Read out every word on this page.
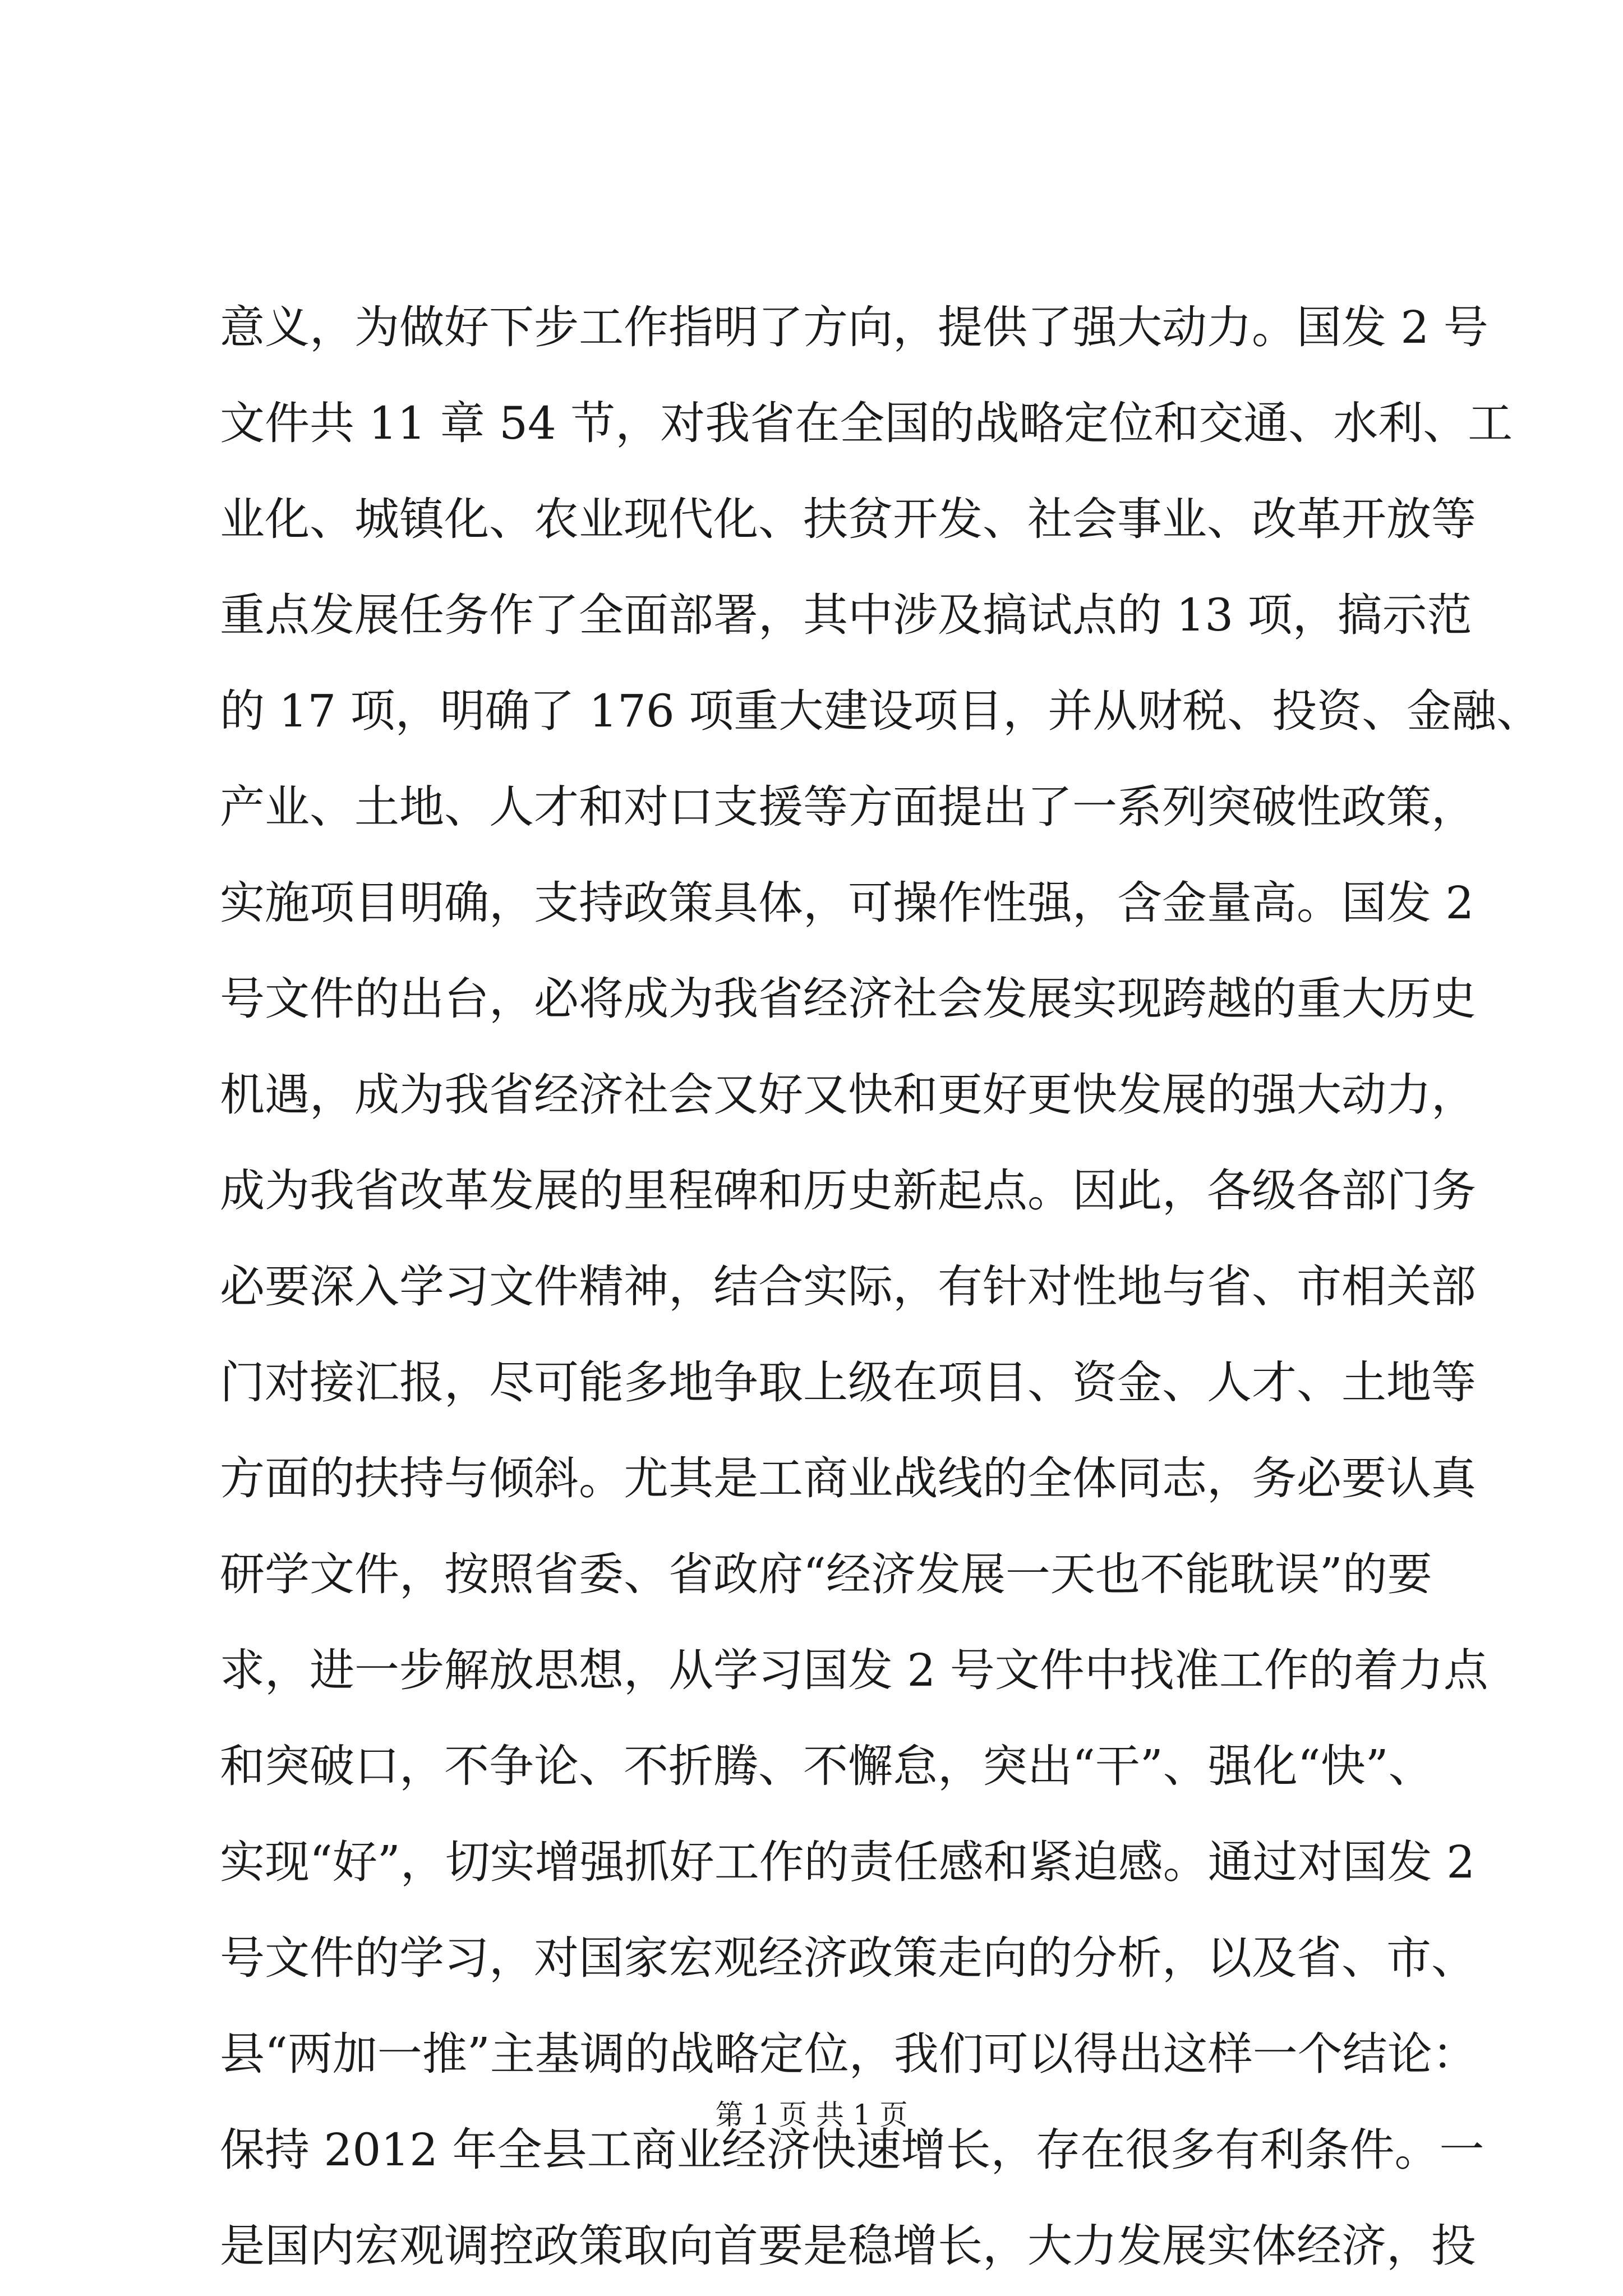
意义，为做好下步工作指明了方向，提供了强大动力。国发 2 号
文件共 11 章 54 节，对我省在全国的战略定位和交通、水利、工
业化、城镇化、农业现代化、扶贫开发、社会事业、改革开放等
重点发展任务作了全面部署，其中涉及搞试点的 13 项，搞示范
的 17 项，明确了 176 项重大建设项目，并从财税、投资、金融、
产业、土地、人才和对口支援等方面提出了一系列突破性政策，
实施项目明确，支持政策具体，可操作性强，含金量高。国发 2
号文件的出台，必将成为我省经济社会发展实现跨越的重大历史
机遇，成为我省经济社会又好又快和更好更快发展的强大动力，
成为我省改革发展的里程碑和历史新起点。因此，各级各部门务
必要深入学习文件精神，结合实际，有针对性地与省、市相关部
门对接汇报，尽可能多地争取上级在项目、资金、人才、土地等
方面的扶持与倾斜。尤其是工商业战线的全体同志，务必要认真
研学文件，按照省委、省政府“经济发展一天也不能耽误”的要
求，进一步解放思想，从学习国发 2 号文件中找准工作的着力点
和突破口，不争论、不折腾、不懈怠，突出“干”、强化“快”、
实现“好”，切实增强抓好工作的责任感和紧迫感。通过对国发 2
号文件的学习，对国家宏观经济政策走向的分析，以及省、市、
县“两加一推”主基调的战略定位，我们可以得出这样一个结论：
保持 2012 年全县工商业经济快速增长，存在很多有利条件。一
是国内宏观调控政策取向首要是稳增长，大力发展实体经济，投
第 1 页 共 1 页
